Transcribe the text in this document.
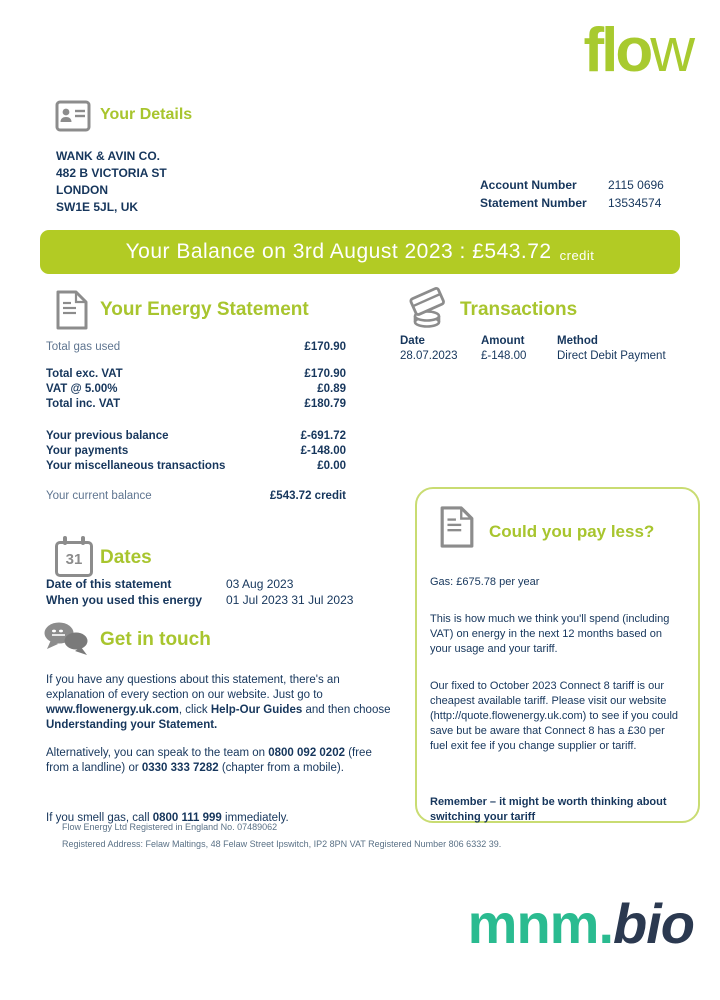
flow
Your Details
WANK & AVIN CO.
482 B VICTORIA ST
LONDON
SW1E 5JL, UK
Account Number	2115 0696
Statement Number	13534574
Your Balance on 3rd August 2023 : £543.72 credit
Your Energy Statement
Total gas used	£170.90
Total exc. VAT	£170.90
VAT @ 5.00%	£0.89
Total inc. VAT	£180.79
Your previous balance	£-691.72
Your payments	£-148.00
Your miscellaneous transactions	£0.00
Your current balance	£543.72 credit
Transactions
Date	Amount	Method
28.07.2023	£-148.00	Direct Debit Payment
31 Dates
Date of this statement	03 Aug 2023
When you used this energy	01 Jul 2023 31 Jul 2023
Get in touch

If you have any questions about this statement, there's an explanation of every section on our website. Just go to www.flowenergy.uk.com, click Help-Our Guides and then choose Understanding your Statement.

Alternatively, you can speak to the team on 0800 092 0202 (free from a landline) or 0330 333 7282 (chapter from a mobile).

If you smell gas, call 0800 111 999 immediately.

Could you pay less?

Gas: £675.78 per year

This is how much we think you'll spend (including VAT) on energy in the next 12 months based on your usage and your tariff.

Our fixed to October 2023 Connect 8 tariff is our cheapest available tariff. Please visit our website (http://quote.flowenergy.uk.com) to see if you could save but be aware that Connect 8 has a £30 per fuel exit fee if you change supplier or tariff.

Remember – it might be worth thinking about switching your tariff

Flow Energy Ltd Registered in England No. 07489062
Registered Address: Felaw Maltings, 48 Felaw Street Ipswitch, IP2 8PN VAT Registered Number 806 6332 39.
mnm.bio
